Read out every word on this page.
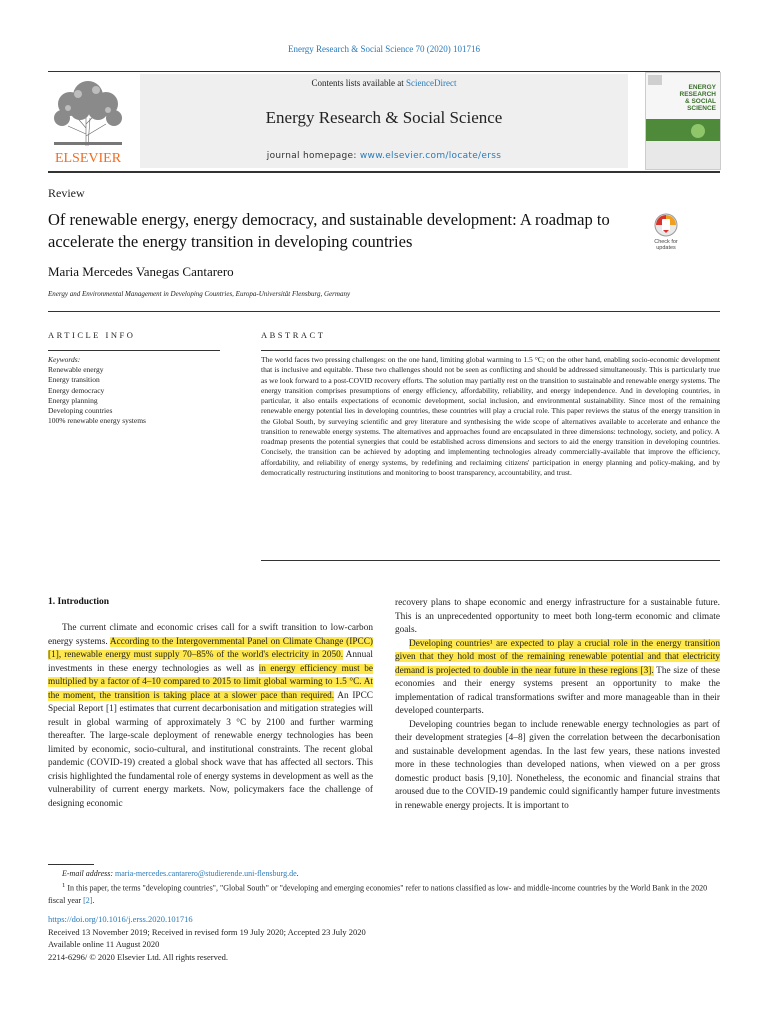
Energy Research & Social Science 70 (2020) 101716
ELSEVIER
Contents lists available at ScienceDirect
Energy Research & Social Science
journal homepage: www.elsevier.com/locate/erss
ENERGY
RESEARCH
& SOCIAL
SCIENCE
Review
Of renewable energy, energy democracy, and sustainable development: A roadmap to accelerate the energy transition in developing countries	Check for
updates
Maria Mercedes Vanegas Cantarero
Energy and Environmental Management in Developing Countries, Europa-Universität Flensburg, Germany
ARTICLE INFO	ABSTRACT
Keywords:
Renewable energy
Energy transition
Energy democracy
Energy planning
Developing countries
100% renewable energy systems
The world faces two pressing challenges: on the one hand, limiting global warming to 1.5 °C; on the other hand, enabling socio-economic development that is inclusive and equitable. These two challenges should not be seen as conflicting and should be addressed simultaneously. This is particularly true as we look forward to a post-COVID recovery efforts. The solution may partially rest on the transition to sustainable and renewable energy systems. The energy transition comprises presumptions of energy efficiency, affordability, reliability, and energy independence. And in developing countries, in particular, it also entails expectations of economic development, social inclusion, and environmental sustainability. Since most of the remaining renewable energy potential lies in developing countries, these countries will play a crucial role. This paper reviews the status of the energy transition in the Global South, by surveying scientific and grey literature and synthesising the wide scope of alternatives available to accelerate and enhance the transition to renewable energy systems. The alternatives and approaches found are encapsulated in three dimensions: technology, society, and policy. A roadmap presents the potential synergies that could be established across dimensions and sectors to aid the energy transition in developing countries. Concisely, the transition can be achieved by adopting and implementing technologies already commercially-available that improve the efficiency, affordability, and reliability of energy systems, by redefining and reclaiming citizens' participation in energy planning and policy-making, and by democratically restructuring institutions and monitoring to boost transparency, accountability, and trust.
1. Introduction

The current climate and economic crises call for a swift transition to low-carbon energy systems. According to the Intergovernmental Panel on Climate Change (IPCC) [1], renewable energy must supply 70–85% of the world's electricity in 2050. Annual investments in these energy technologies as well as in energy efficiency must be multiplied by a factor of 4–10 compared to 2015 to limit global warming to 1.5 °C. At the moment, the transition is taking place at a slower pace than required. An IPCC Special Report [1] estimates that current decarbonisation and mitigation strategies will result in global warming of approximately 3 °C by 2100 and further warming thereafter. The large-scale deployment of renewable energy technologies has been limited by economic, socio-cultural, and institutional constraints. The recent global pandemic (COVID-19) created a global shock wave that has affected all sectors. This crisis highlighted the fundamental role of energy systems in development as well as the vulnerability of current energy markets. Now, policymakers face the challenge of designing economic

recovery plans to shape economic and energy infrastructure for a sustainable future. This is an unprecedented opportunity to meet both long-term economic and climate goals.

Developing countries¹ are expected to play a crucial role in the energy transition given that they hold most of the remaining renewable potential and that electricity demand is projected to double in the near future in these regions [3]. The size of these economies and their energy systems present an opportunity to make the implementation of radical transformations swifter and more manageable than in their developed counterparts.

Developing countries began to include renewable energy technologies as part of their development strategies [4–8] given the correlation between the decarbonisation and sustainable development agendas. In the last few years, these nations invested more in these technologies than developed nations, when viewed on a per gross domestic product basis [9,10]. Nonetheless, the economic and financial strains that aroused due to the COVID-19 pandemic could significantly hamper future investments in renewable energy projects. It is important to

E-mail address: maria-mercedes.cantarero@studierende.uni-flensburg.de.

$^1$ In this paper, the terms "developing countries", "Global South" or "developing and emerging economies" refer to nations classified as low- and middle-income countries by the World Bank in the 2020 fiscal year [2].

https://doi.org/10.1016/j.erss.2020.101716
Received 13 November 2019; Received in revised form 19 July 2020; Accepted 23 July 2020
Available online 11 August 2020
2214-6296/ © 2020 Elsevier Ltd. All rights reserved.
